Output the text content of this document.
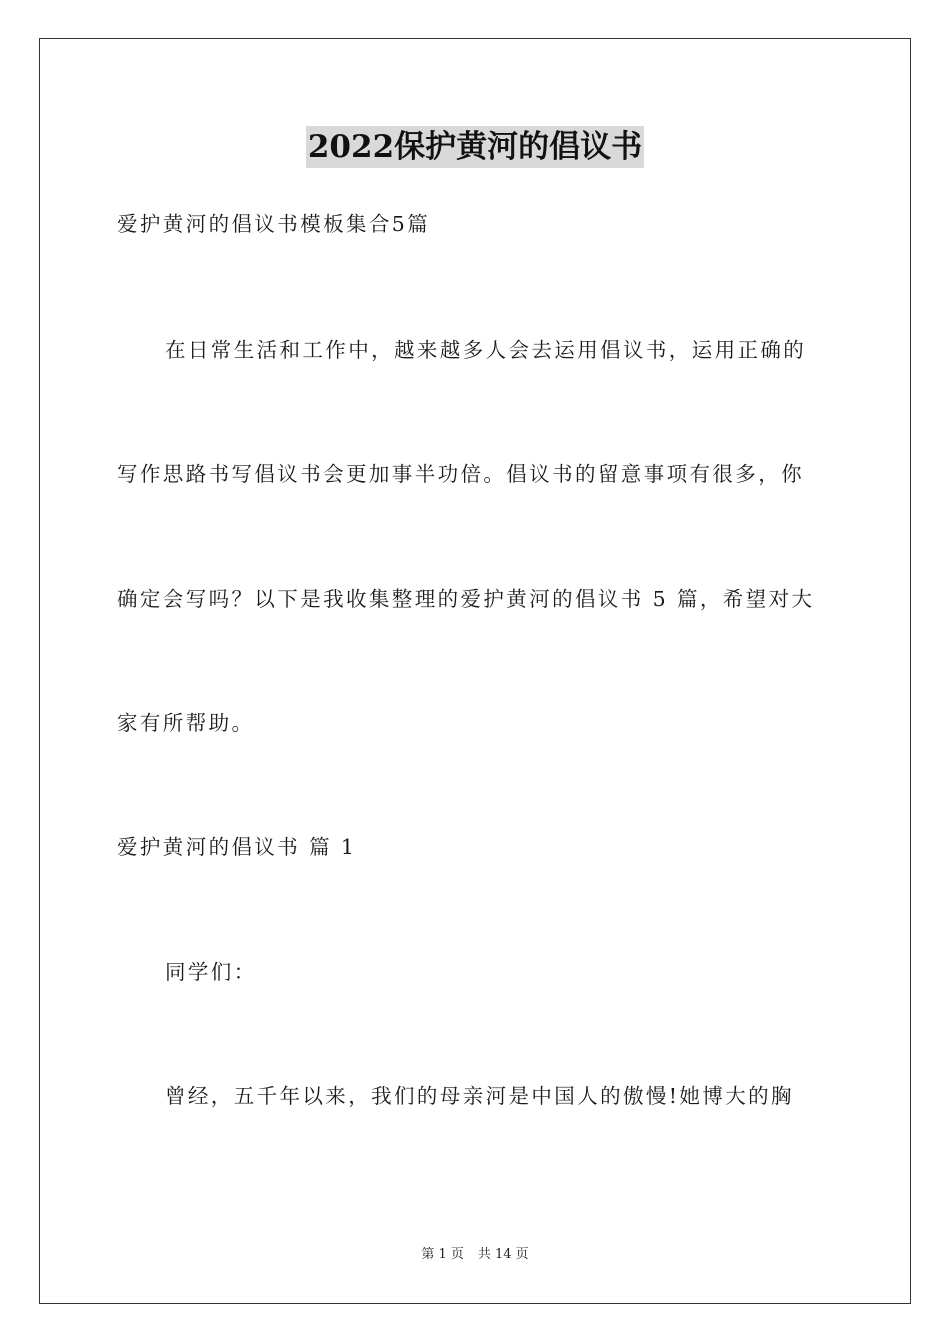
2022保护黄河的倡议书
爱护黄河的倡议书模板集合5篇
在日常生活和工作中，越来越多人会去运用倡议书，运用正确的
写作思路书写倡议书会更加事半功倍。倡议书的留意事项有很多，你
确定会写吗？以下是我收集整理的爱护黄河的倡议书 5 篇，希望对大
家有所帮助。
爱护黄河的倡议书 篇 1
同学们：
曾经，五千年以来，我们的母亲河是中国人的傲慢!她博大的胸
第 1 页 共 14 页
